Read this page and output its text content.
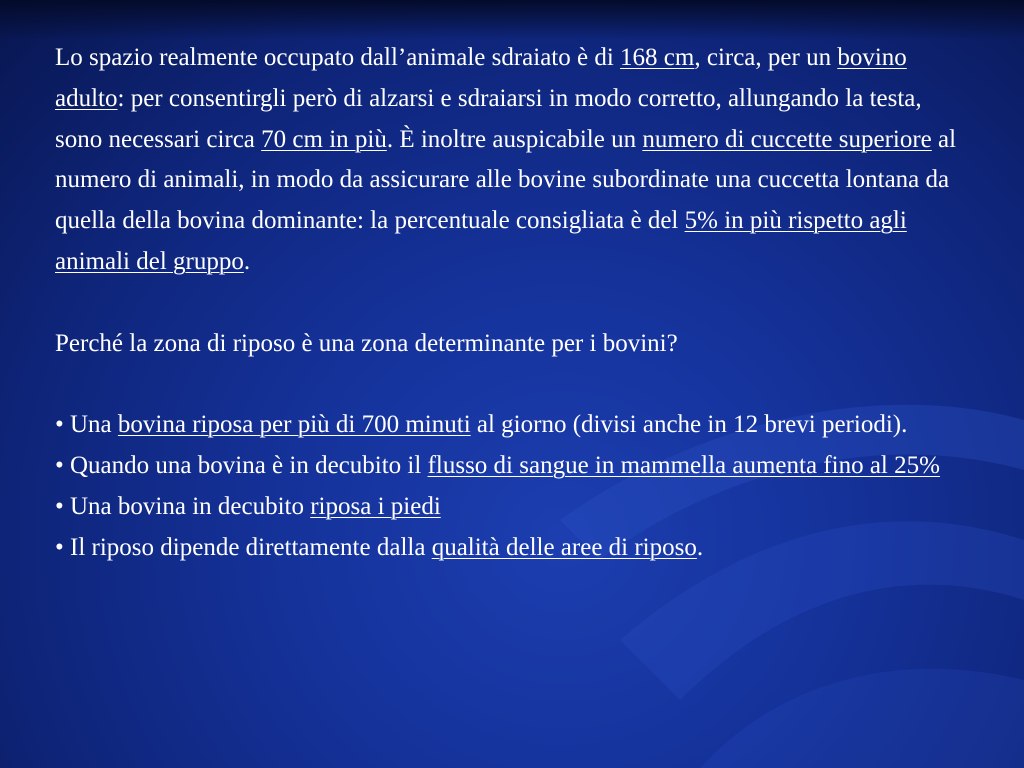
Lo spazio realmente occupato dall’animale sdraiato è di 168 cm, circa, per un bovino adulto: per consentirgli però di alzarsi e sdraiarsi in modo corretto, allungando la testa, sono necessari circa 70 cm in più. È inoltre auspicabile un numero di cuccette superiore al numero di animali, in modo da assicurare alle bovine subordinate una cuccetta lontana da quella della bovina dominante: la percentuale consigliata è del 5% in più rispetto agli animali del gruppo.

Perché la zona di riposo è una zona determinante per i bovini?

• Una bovina riposa per più di 700 minuti al giorno (divisi anche in 12 brevi periodi).

• Quando una bovina è in decubito il flusso di sangue in mammella aumenta fino al 25%

• Una bovina in decubito riposa i piedi

• Il riposo dipende direttamente dalla qualità delle aree di riposo.
